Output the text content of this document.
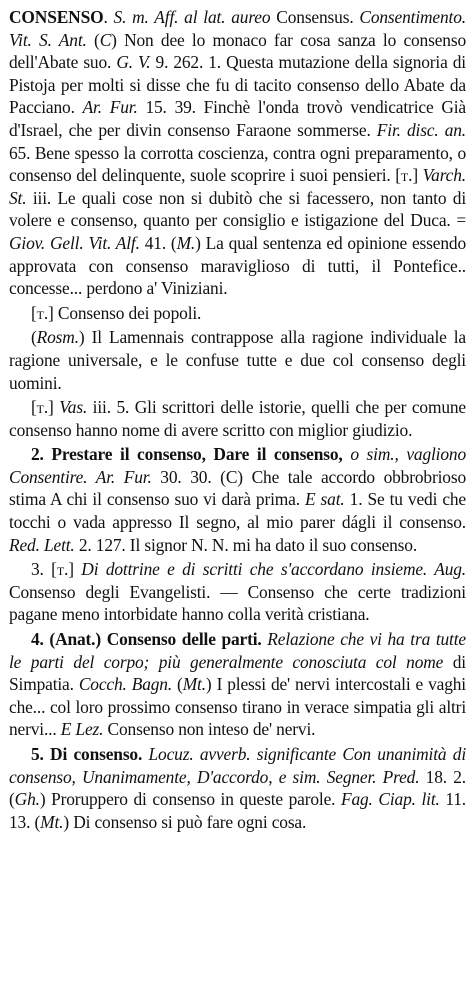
CONSENSO. S. m. Aff. al lat. aureo Consensus. Consentimento. Vit. S. Ant. (C) Non dee lo monaco far cosa sanza lo consenso dell'Abate suo. G. V. 9. 262. 1. Questa mutazione della signoria di Pistoja per molti si disse che fu di tacito consenso dello Abate da Pacciano. Ar. Fur. 15. 39. Finchè l'onda trovò vendicatrice Già d'Israel, che per divin consenso Faraone sommerse. Fir. disc. an. 65. Bene spesso la corrotta coscienza, contra ogni preparamento, o consenso del delinquente, suole scoprire i suoi pensieri. [t.] Varch. St. iii. Le quali cose non si dubitò che si facessero, non tanto di volere e consenso, quanto per consiglio e istigazione del Duca. = Giov. Gell. Vit. Alf. 41. (M.) La qual sentenza ed opinione essendo approvata con consenso maraviglioso di tutti, il Pontefice.. concesse... perdono a' Viniziani.

[t.] Consenso dei popoli.

(Rosm.) Il Lamennais contrappose alla ragione individuale la ragione universale, e le confuse tutte e due col consenso degli uomini.

[t.] Vas. iii. 5. Gli scrittori delle istorie, quelli che per comune consenso hanno nome di avere scritto con miglior giudizio.

2. Prestare il consenso, Dare il consenso, o sim., vagliono Consentire. Ar. Fur. 30. 30. (C) Che tale accordo obbrobrioso stima A chi il consenso suo vi darà prima. E sat. 1. Se tu vedi che tocchi o vada appresso Il segno, al mio parer dágli il consenso. Red. Lett. 2. 127. Il signor N. N. mi ha dato il suo consenso.

3. [t.] Di dottrine e di scritti che s'accordano insieme. Aug. Consenso degli Evangelisti. — Consenso che certe tradizioni pagane meno intorbidate hanno colla verità cristiana.

4. (Anat.) Consenso delle parti. Relazione che vi ha tra tutte le parti del corpo; più generalmente conosciuta col nome di Simpatia. Cocch. Bagn. (Mt.) I plessi de' nervi intercostali e vaghi che... col loro prossimo consenso tirano in verace simpatia gli altri nervi... E Lez. Consenso non inteso de' nervi.

5. Di consenso. Locuz. avverb. significante Con unanimità di consenso, Unanimamente, D'accordo, e sim. Segner. Pred. 18. 2. (Gh.) Proruppero di consenso in queste parole. Fag. Ciap. lit. 11. 13. (Mt.) Di consenso si può fare ogni cosa.
